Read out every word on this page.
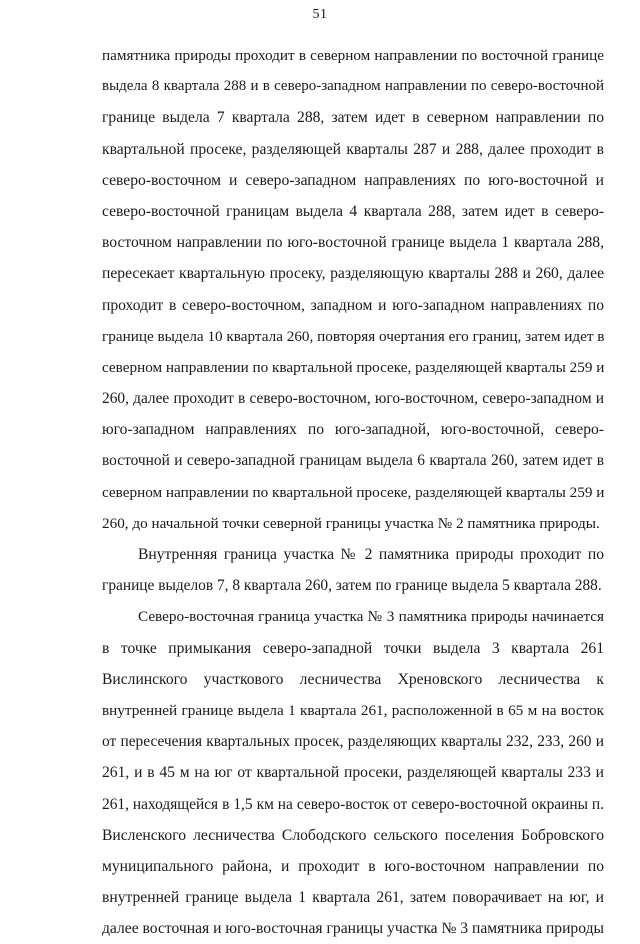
51
памятника природы проходит в северном направлении по восточной границе
выдела 8 квартала 288 и в северо-западном направлении по северо-восточной
границе выдела 7 квартала 288, затем идет в северном направлении по
квартальной просеке, разделяющей кварталы 287 и 288, далее проходит в
северо-восточном и северо-западном направлениях по юго-восточной и
северо-восточной границам выдела 4 квартала 288, затем идет в северо-
восточном направлении по юго-восточной границе выдела 1 квартала 288,
пересекает квартальную просеку, разделяющую кварталы 288 и 260, далее
проходит в северо-восточном, западном и юго-западном направлениях по
границе выдела 10 квартала 260, повторяя очертания его границ, затем идет в
северном направлении по квартальной просеке, разделяющей кварталы 259 и
260, далее проходит в северо-восточном, юго-восточном, северо-западном и
юго-западном направлениях по юго-западной, юго-восточной, северо-
восточной и северо-западной границам выдела 6 квартала 260, затем идет в
северном направлении по квартальной просеке, разделяющей кварталы 259 и
260, до начальной точки северной границы участка № 2 памятника природы.
Внутренняя граница участка № 2 памятника природы проходит по
границе выделов 7, 8 квартала 260, затем по границе выдела 5 квартала 288.
Северо-восточная граница участка № 3 памятника природы начинается
в точке примыкания северо-западной точки выдела 3 квартала 261
Вислинского участкового лесничества Хреновского лесничества к
внутренней границе выдела 1 квартала 261, расположенной в 65 м на восток
от пересечения квартальных просек, разделяющих кварталы 232, 233, 260 и
261, и в 45 м на юг от квартальной просеки, разделяющей кварталы 233 и
261, находящейся в 1,5 км на северо-восток от северо-восточной окраины п.
Висленского лесничества Слободского сельского поселения Бобровского
муниципального района, и проходит в юго-восточном направлении по
внутренней границе выдела 1 квартала 261, затем поворачивает на юг, и
далее восточная и юго-восточная границы участка № 3 памятника природы
